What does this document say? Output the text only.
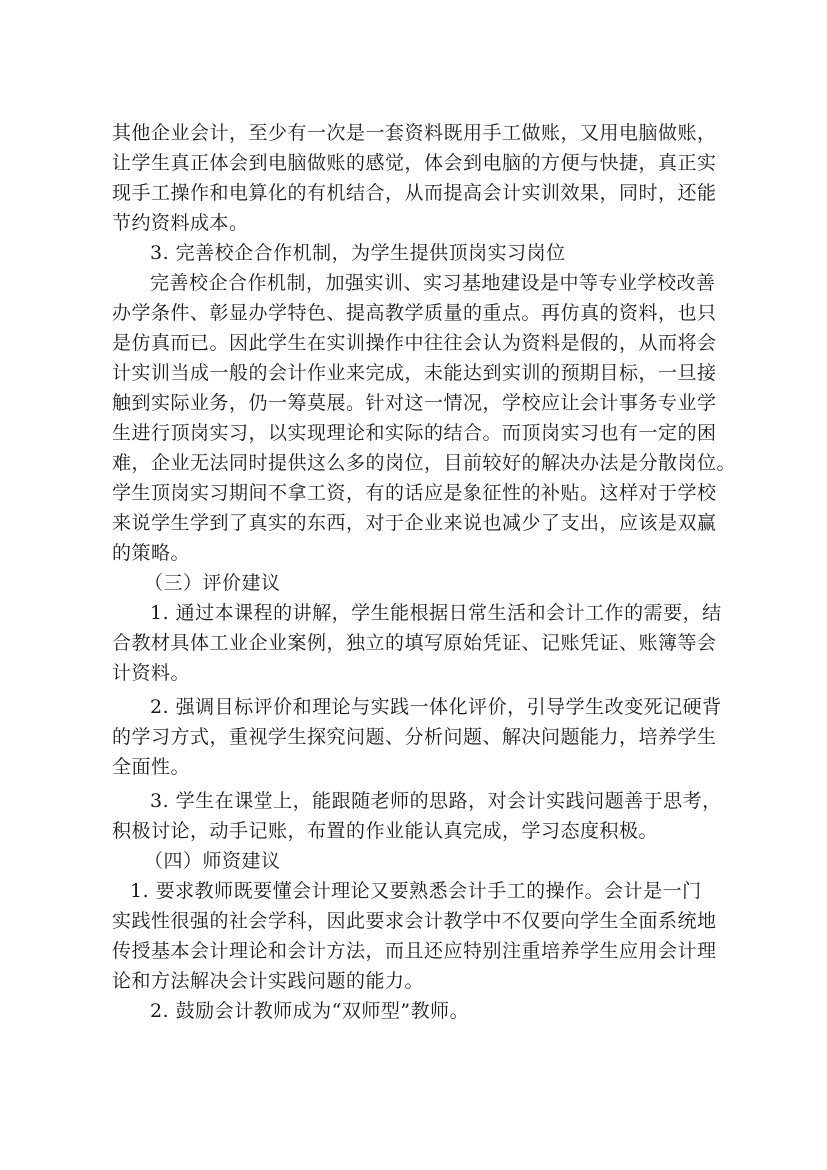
其他企业会计，至少有一次是一套资料既用手工做账，又用电脑做账，
让学生真正体会到电脑做账的感觉，体会到电脑的方便与快捷，真正实
现手工操作和电算化的有机结合，从而提高会计实训效果，同时，还能
节约资料成本。
3. 完善校企合作机制，为学生提供顶岗实习岗位
完善校企合作机制，加强实训、实习基地建设是中等专业学校改善
办学条件、彰显办学特色、提高教学质量的重点。再仿真的资料，也只
是仿真而已。因此学生在实训操作中往往会认为资料是假的，从而将会
计实训当成一般的会计作业来完成，未能达到实训的预期目标，一旦接
触到实际业务，仍一筹莫展。针对这一情况，学校应让会计事务专业学
生进行顶岗实习，以实现理论和实际的结合。而顶岗实习也有一定的困
难，企业无法同时提供这么多的岗位，目前较好的解决办法是分散岗位。
学生顶岗实习期间不拿工资，有的话应是象征性的补贴。这样对于学校
来说学生学到了真实的东西，对于企业来说也减少了支出，应该是双赢
的策略。
（三）评价建议
1. 通过本课程的讲解，学生能根据日常生活和会计工作的需要，结
合教材具体工业企业案例，独立的填写原始凭证、记账凭证、账簿等会
计资料。
2. 强调目标评价和理论与实践一体化评价，引导学生改变死记硬背
的学习方式，重视学生探究问题、分析问题、解决问题能力，培养学生
全面性。
3. 学生在课堂上，能跟随老师的思路，对会计实践问题善于思考，
积极讨论，动手记账，布置的作业能认真完成，学习态度积极。
（四）师资建议
1. 要求教师既要懂会计理论又要熟悉会计手工的操作。会计是一门
实践性很强的社会学科，因此要求会计教学中不仅要向学生全面系统地
传授基本会计理论和会计方法，而且还应特别注重培养学生应用会计理
论和方法解决会计实践问题的能力。
2. 鼓励会计教师成为“双师型”教师。
